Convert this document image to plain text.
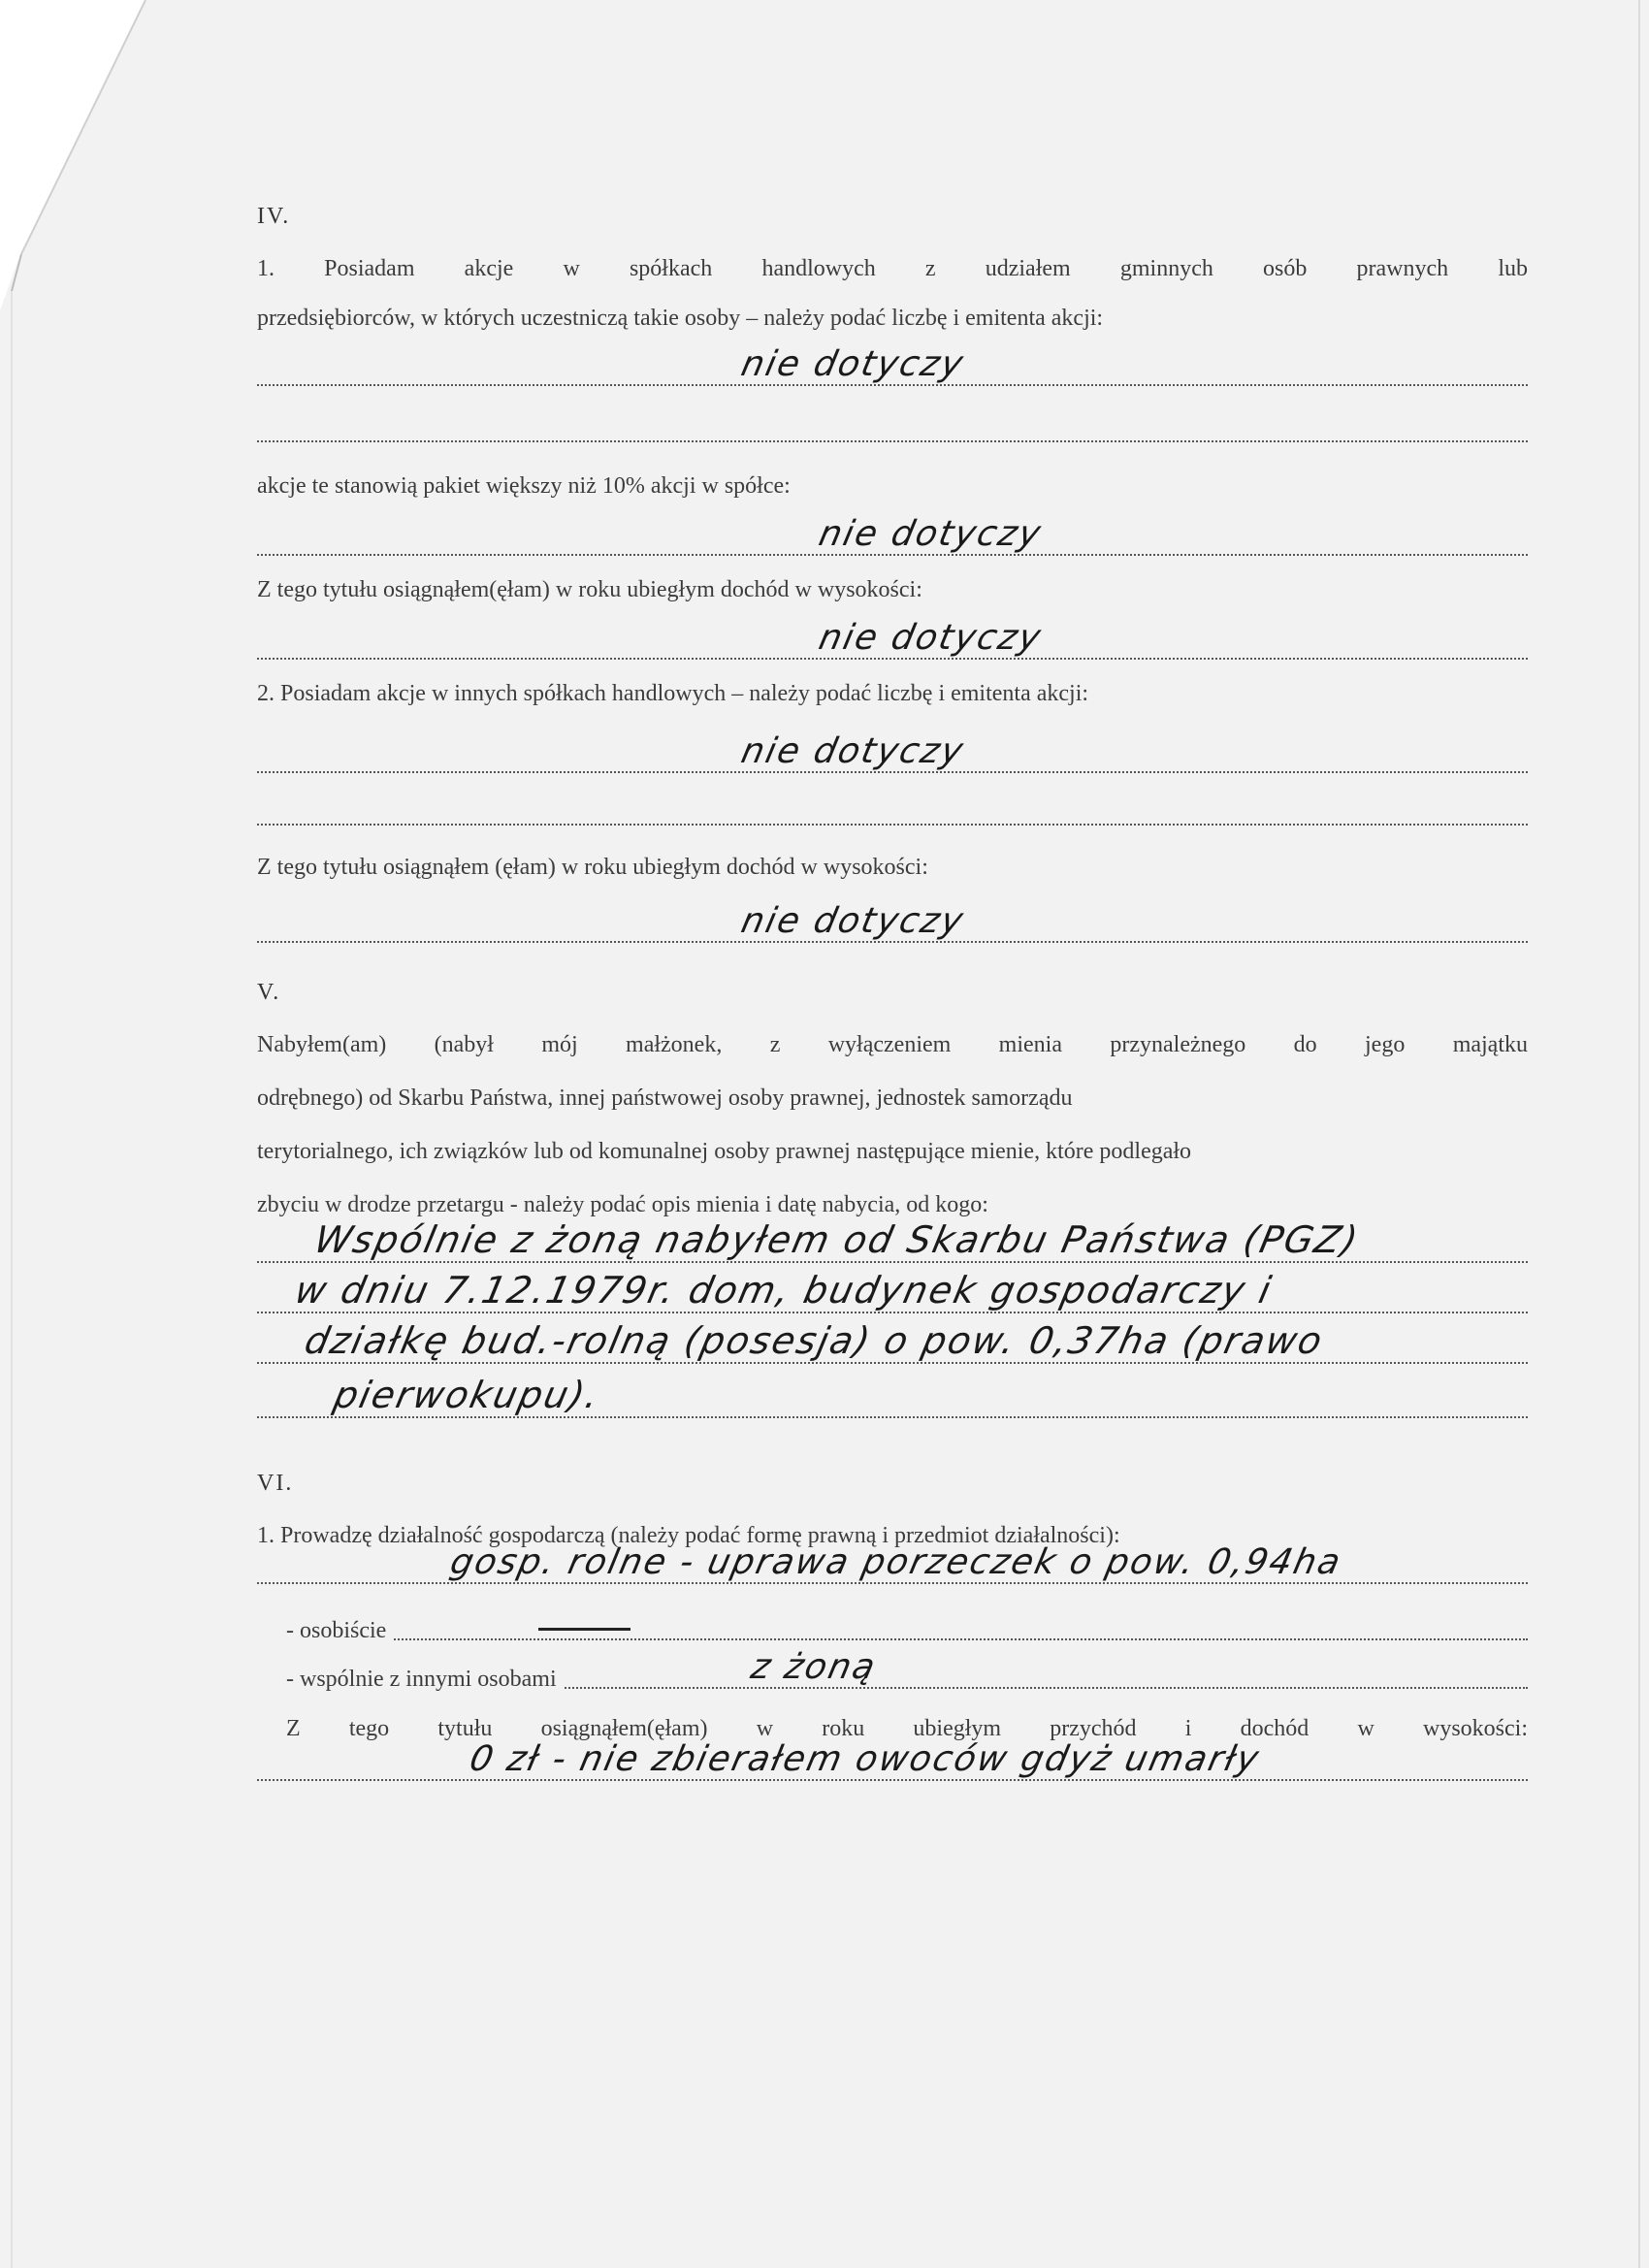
IV.
1. Posiadam akcje w spółkach handlowych z udziałem gminnych osób prawnych lub
przedsiębiorców, w których uczestniczą takie osoby – należy podać liczbę i emitenta akcji:
nie dotyczy
akcje te stanowią pakiet większy niż 10% akcji w spółce:
nie dotyczy
Z tego tytułu osiągnąłem(ęłam) w roku ubiegłym dochód w wysokości:
nie dotyczy
2. Posiadam akcje w innych spółkach handlowych – należy podać liczbę i emitenta akcji:
nie dotyczy
Z tego tytułu osiągnąłem (ęłam) w roku ubiegłym dochód w wysokości:
nie dotyczy
V.
Nabyłem(am) (nabył mój małżonek, z wyłączeniem mienia przynależnego do jego majątku
odrębnego) od Skarbu Państwa, innej państwowej osoby prawnej, jednostek samorządu
terytorialnego, ich związków lub od komunalnej osoby prawnej następujące mienie, które podlegało
zbyciu w drodze przetargu - należy podać opis mienia i datę nabycia, od kogo:
Wspólnie z żoną nabyłem od Skarbu Państwa (PGZ)
w dniu 7.12.1979r. dom, budynek gospodarczy i
działkę bud.-rolną (posesja) o pow. 0,37ha (prawo
pierwokupu).
VI.
1. Prowadzę działalność gospodarczą (należy podać formę prawną i przedmiot działalności):
gosp. rolne - uprawa porzeczek o pow. 0,94ha
- osobiście
- wspólnie z innymi osobami	z żoną
Z tego tytułu osiągnąłem(ęłam) w roku ubiegłym przychód i dochód w wysokości:
0 zł - nie zbierałem owoców gdyż umarły
